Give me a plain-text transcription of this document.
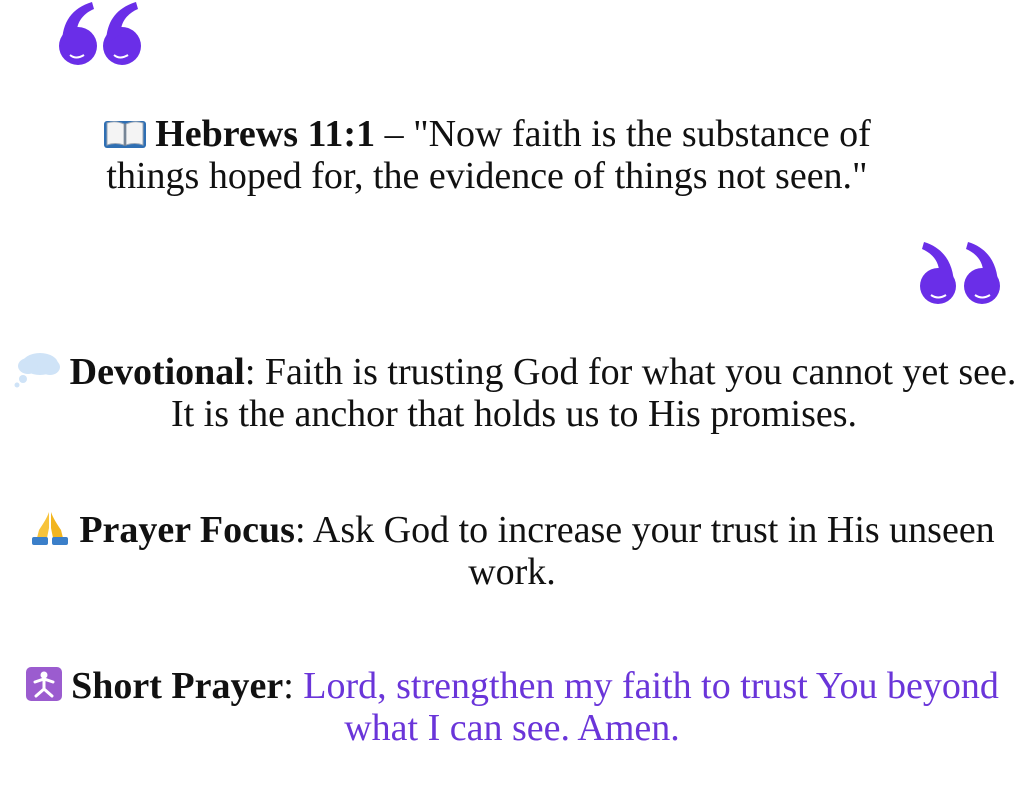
Hebrews 11:1 – "Now faith is the substance of things hoped for, the evidence of things not seen."
Devotional: Faith is trusting God for what you cannot yet see. It is the anchor that holds us to His promises.
Prayer Focus: Ask God to increase your trust in His unseen work.
Short Prayer: Lord, strengthen my faith to trust You beyond what I can see. Amen.
